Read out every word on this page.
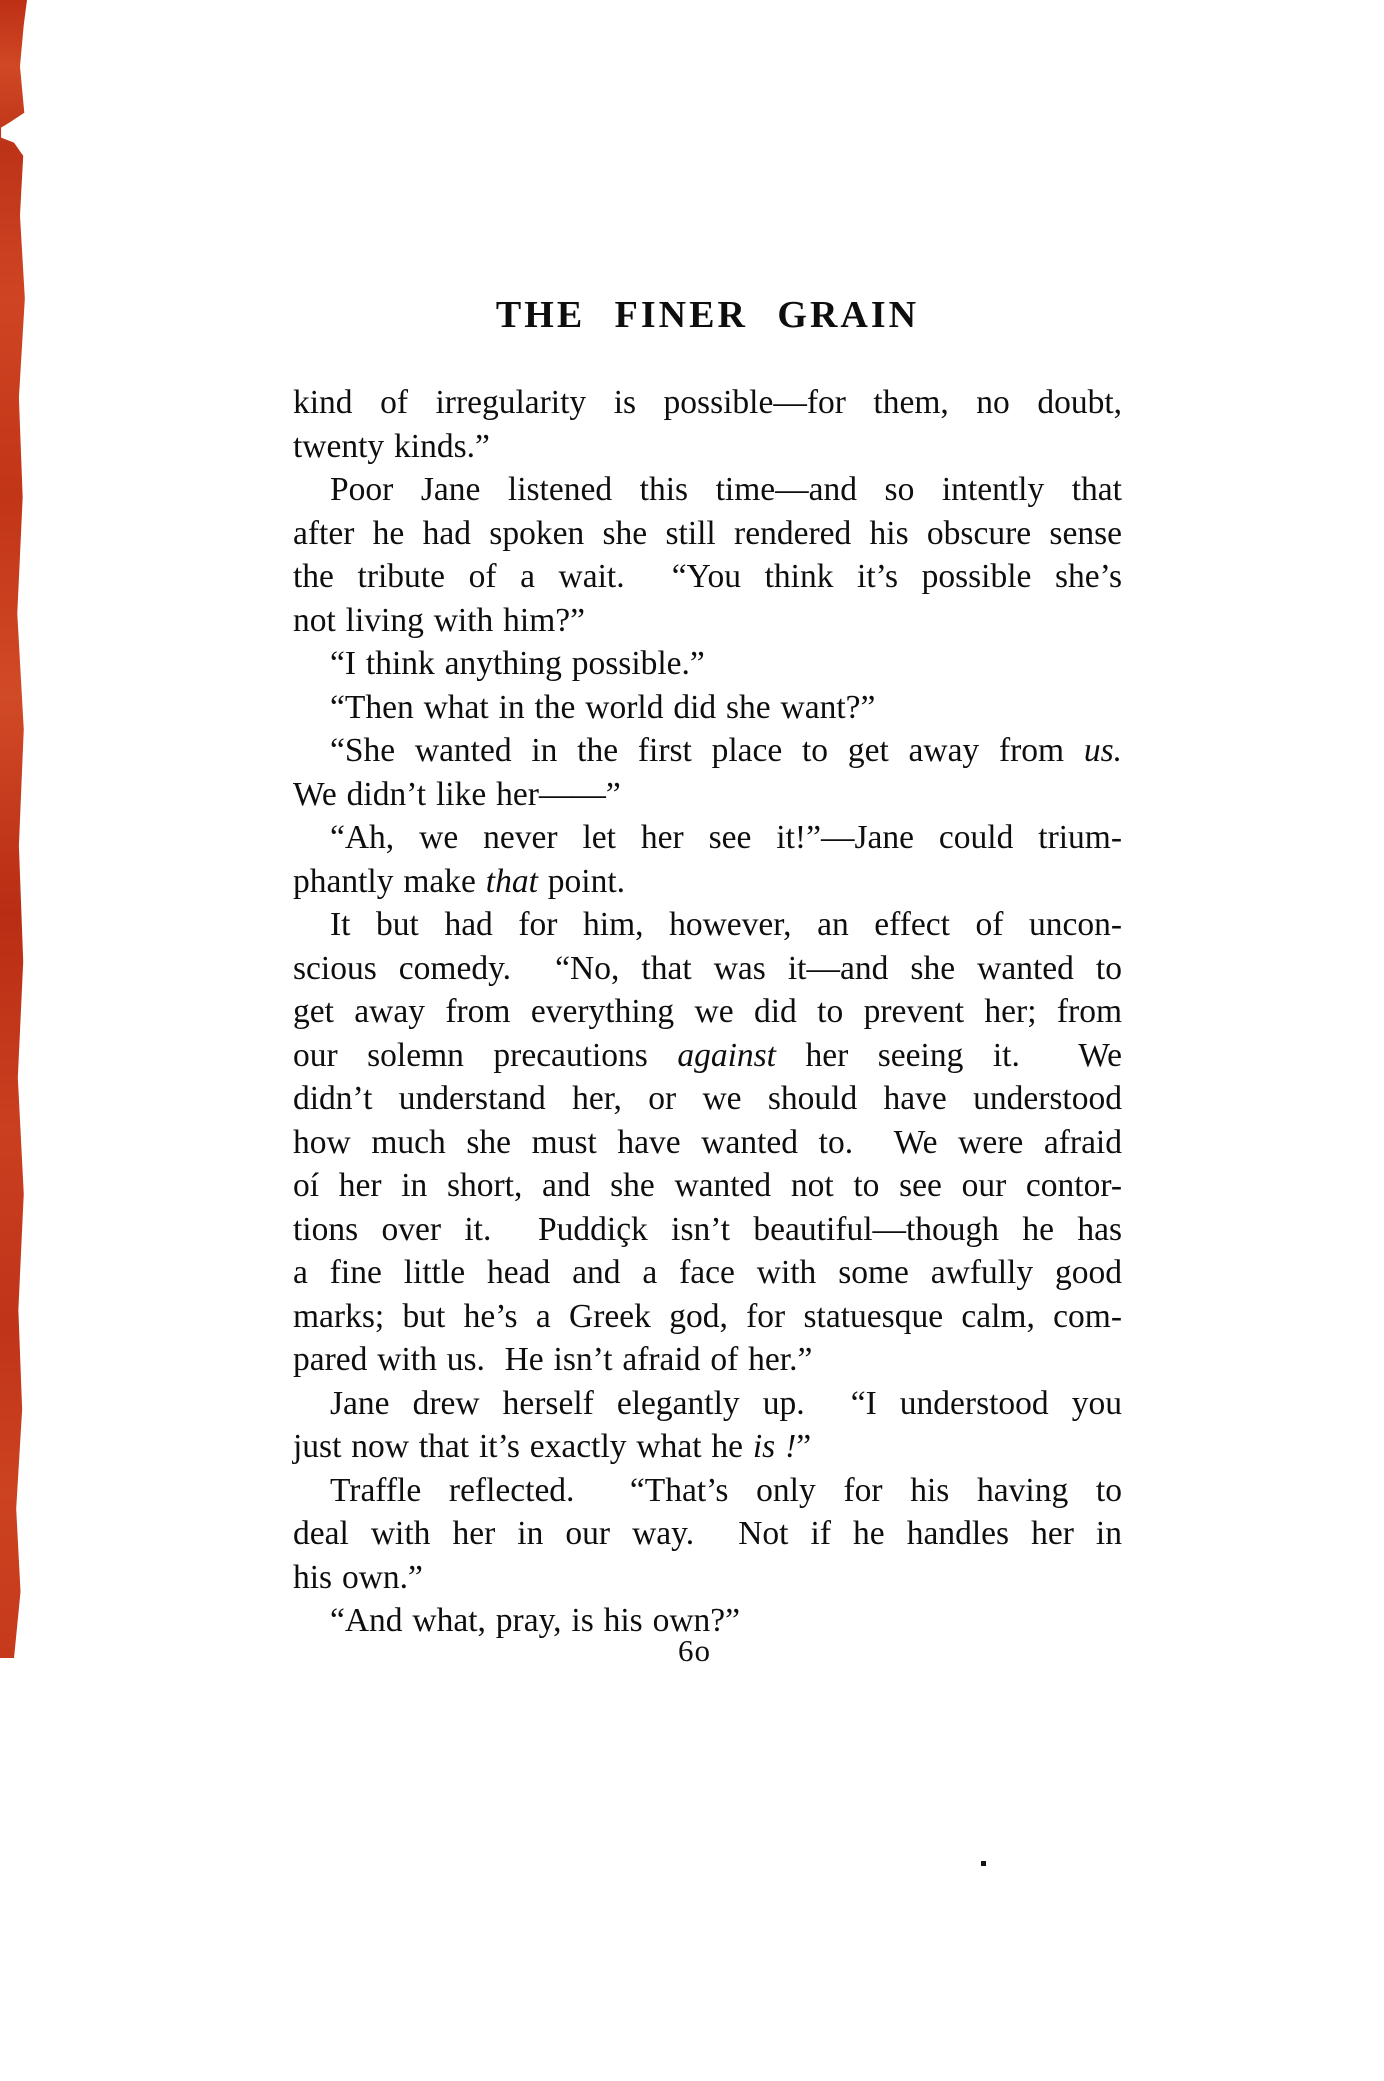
THE FINER GRAIN
kind of irregularity is possible—for them, no doubt,
twenty kinds.”
Poor Jane listened this time—and so intently that
after he had spoken she still rendered his obscure sense
the tribute of a wait.  “You think it’s possible she’s
not living with him?”
“I think anything possible.”
“Then what in the world did she want?”
“She wanted in the first place to get away from us.
We didn’t like her——”
“Ah, we never let her see it!”—Jane could trium-
phantly make that point.
It but had for him, however, an effect of uncon-
scious comedy.  “No, that was it—and she wanted to
get away from everything we did to prevent her; from
our solemn precautions against her seeing it.  We
didn’t understand her, or we should have understood
how much she must have wanted to.  We were afraid
oí her in short, and she wanted not to see our contor-
tions over it.  Puddiçk isn’t beautiful—though he has
a fine little head and a face with some awfully good
marks; but he’s a Greek god, for statuesque calm, com-
pared with us.  He isn’t afraid of her.”
Jane drew herself elegantly up.  “I understood you
just now that it’s exactly what he is !”
Traffle reflected.  “That’s only for his having to
deal with her in our way.  Not if he handles her in
his own.”
“And what, pray, is his own?”
6o
